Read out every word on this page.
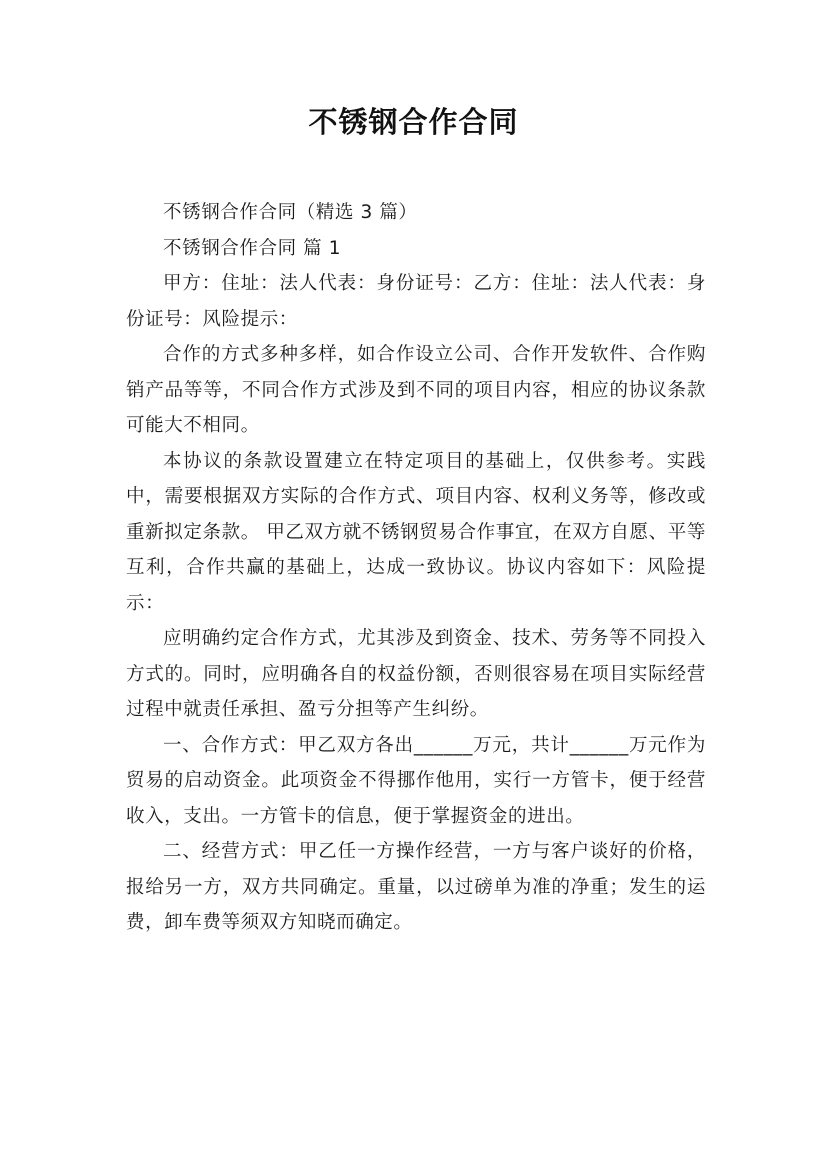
不锈钢合作合同

不锈钢合作合同（精选 3 篇）

不锈钢合作合同 篇 1

甲方：住址：法人代表：身份证号：乙方：住址：法人代表：身份证号：风险提示：

合作的方式多种多样，如合作设立公司、合作开发软件、合作购销产品等等，不同合作方式涉及到不同的项目内容，相应的协议条款可能大不相同。

本协议的条款设置建立在特定项目的基础上，仅供参考。实践中，需要根据双方实际的合作方式、项目内容、权利义务等，修改或重新拟定条款。 甲乙双方就不锈钢贸易合作事宜，在双方自愿、平等互利，合作共赢的基础上，达成一致协议。协议内容如下：风险提示：

应明确约定合作方式，尤其涉及到资金、技术、劳务等不同投入方式的。同时，应明确各自的权益份额，否则很容易在项目实际经营过程中就责任承担、盈亏分担等产生纠纷。

一、合作方式：甲乙双方各出______万元，共计______万元作为贸易的启动资金。此项资金不得挪作他用，实行一方管卡，便于经营收入，支出。一方管卡的信息，便于掌握资金的进出。

二、经营方式：甲乙任一方操作经营，一方与客户谈好的价格，报给另一方，双方共同确定。重量，以过磅单为准的净重；发生的运费，卸车费等须双方知晓而确定。
